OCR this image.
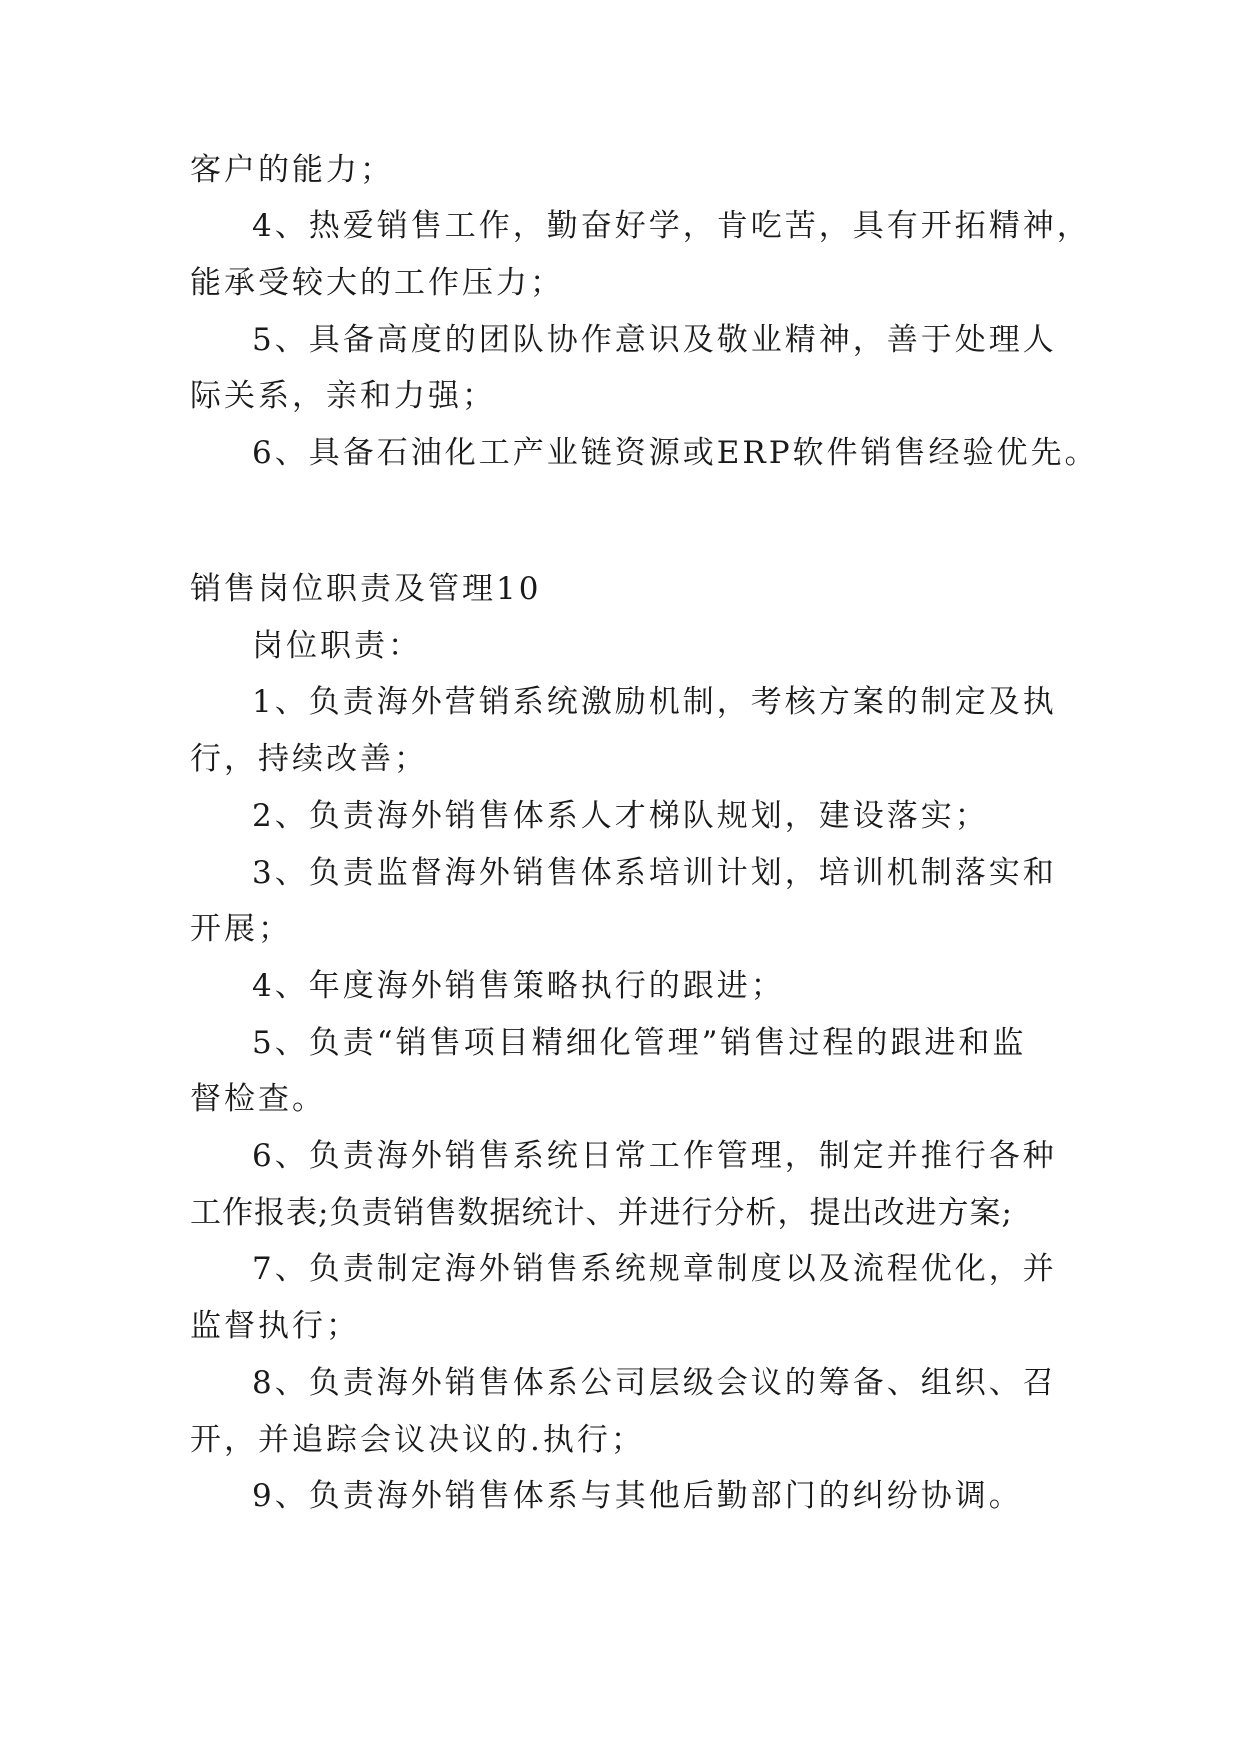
客户的能力；
4、热爱销售工作，勤奋好学，肯吃苦，具有开拓精神，
能承受较大的工作压力；
5、具备高度的团队协作意识及敬业精神，善于处理人
际关系，亲和力强；
6、具备石油化工产业链资源或ERP软件销售经验优先。
销售岗位职责及管理10
岗位职责：
1、负责海外营销系统激励机制，考核方案的制定及执
行，持续改善；
2、负责海外销售体系人才梯队规划，建设落实；
3、负责监督海外销售体系培训计划，培训机制落实和
开展；
4、年度海外销售策略执行的跟进；
5、负责“销售项目精细化管理”销售过程的跟进和监
督检查。
6、负责海外销售系统日常工作管理，制定并推行各种
工作报表;负责销售数据统计、并进行分析，提出改进方案;
7、负责制定海外销售系统规章制度以及流程优化，并
监督执行；
8、负责海外销售体系公司层级会议的筹备、组织、召
开，并追踪会议决议的.执行；
9、负责海外销售体系与其他后勤部门的纠纷协调。
